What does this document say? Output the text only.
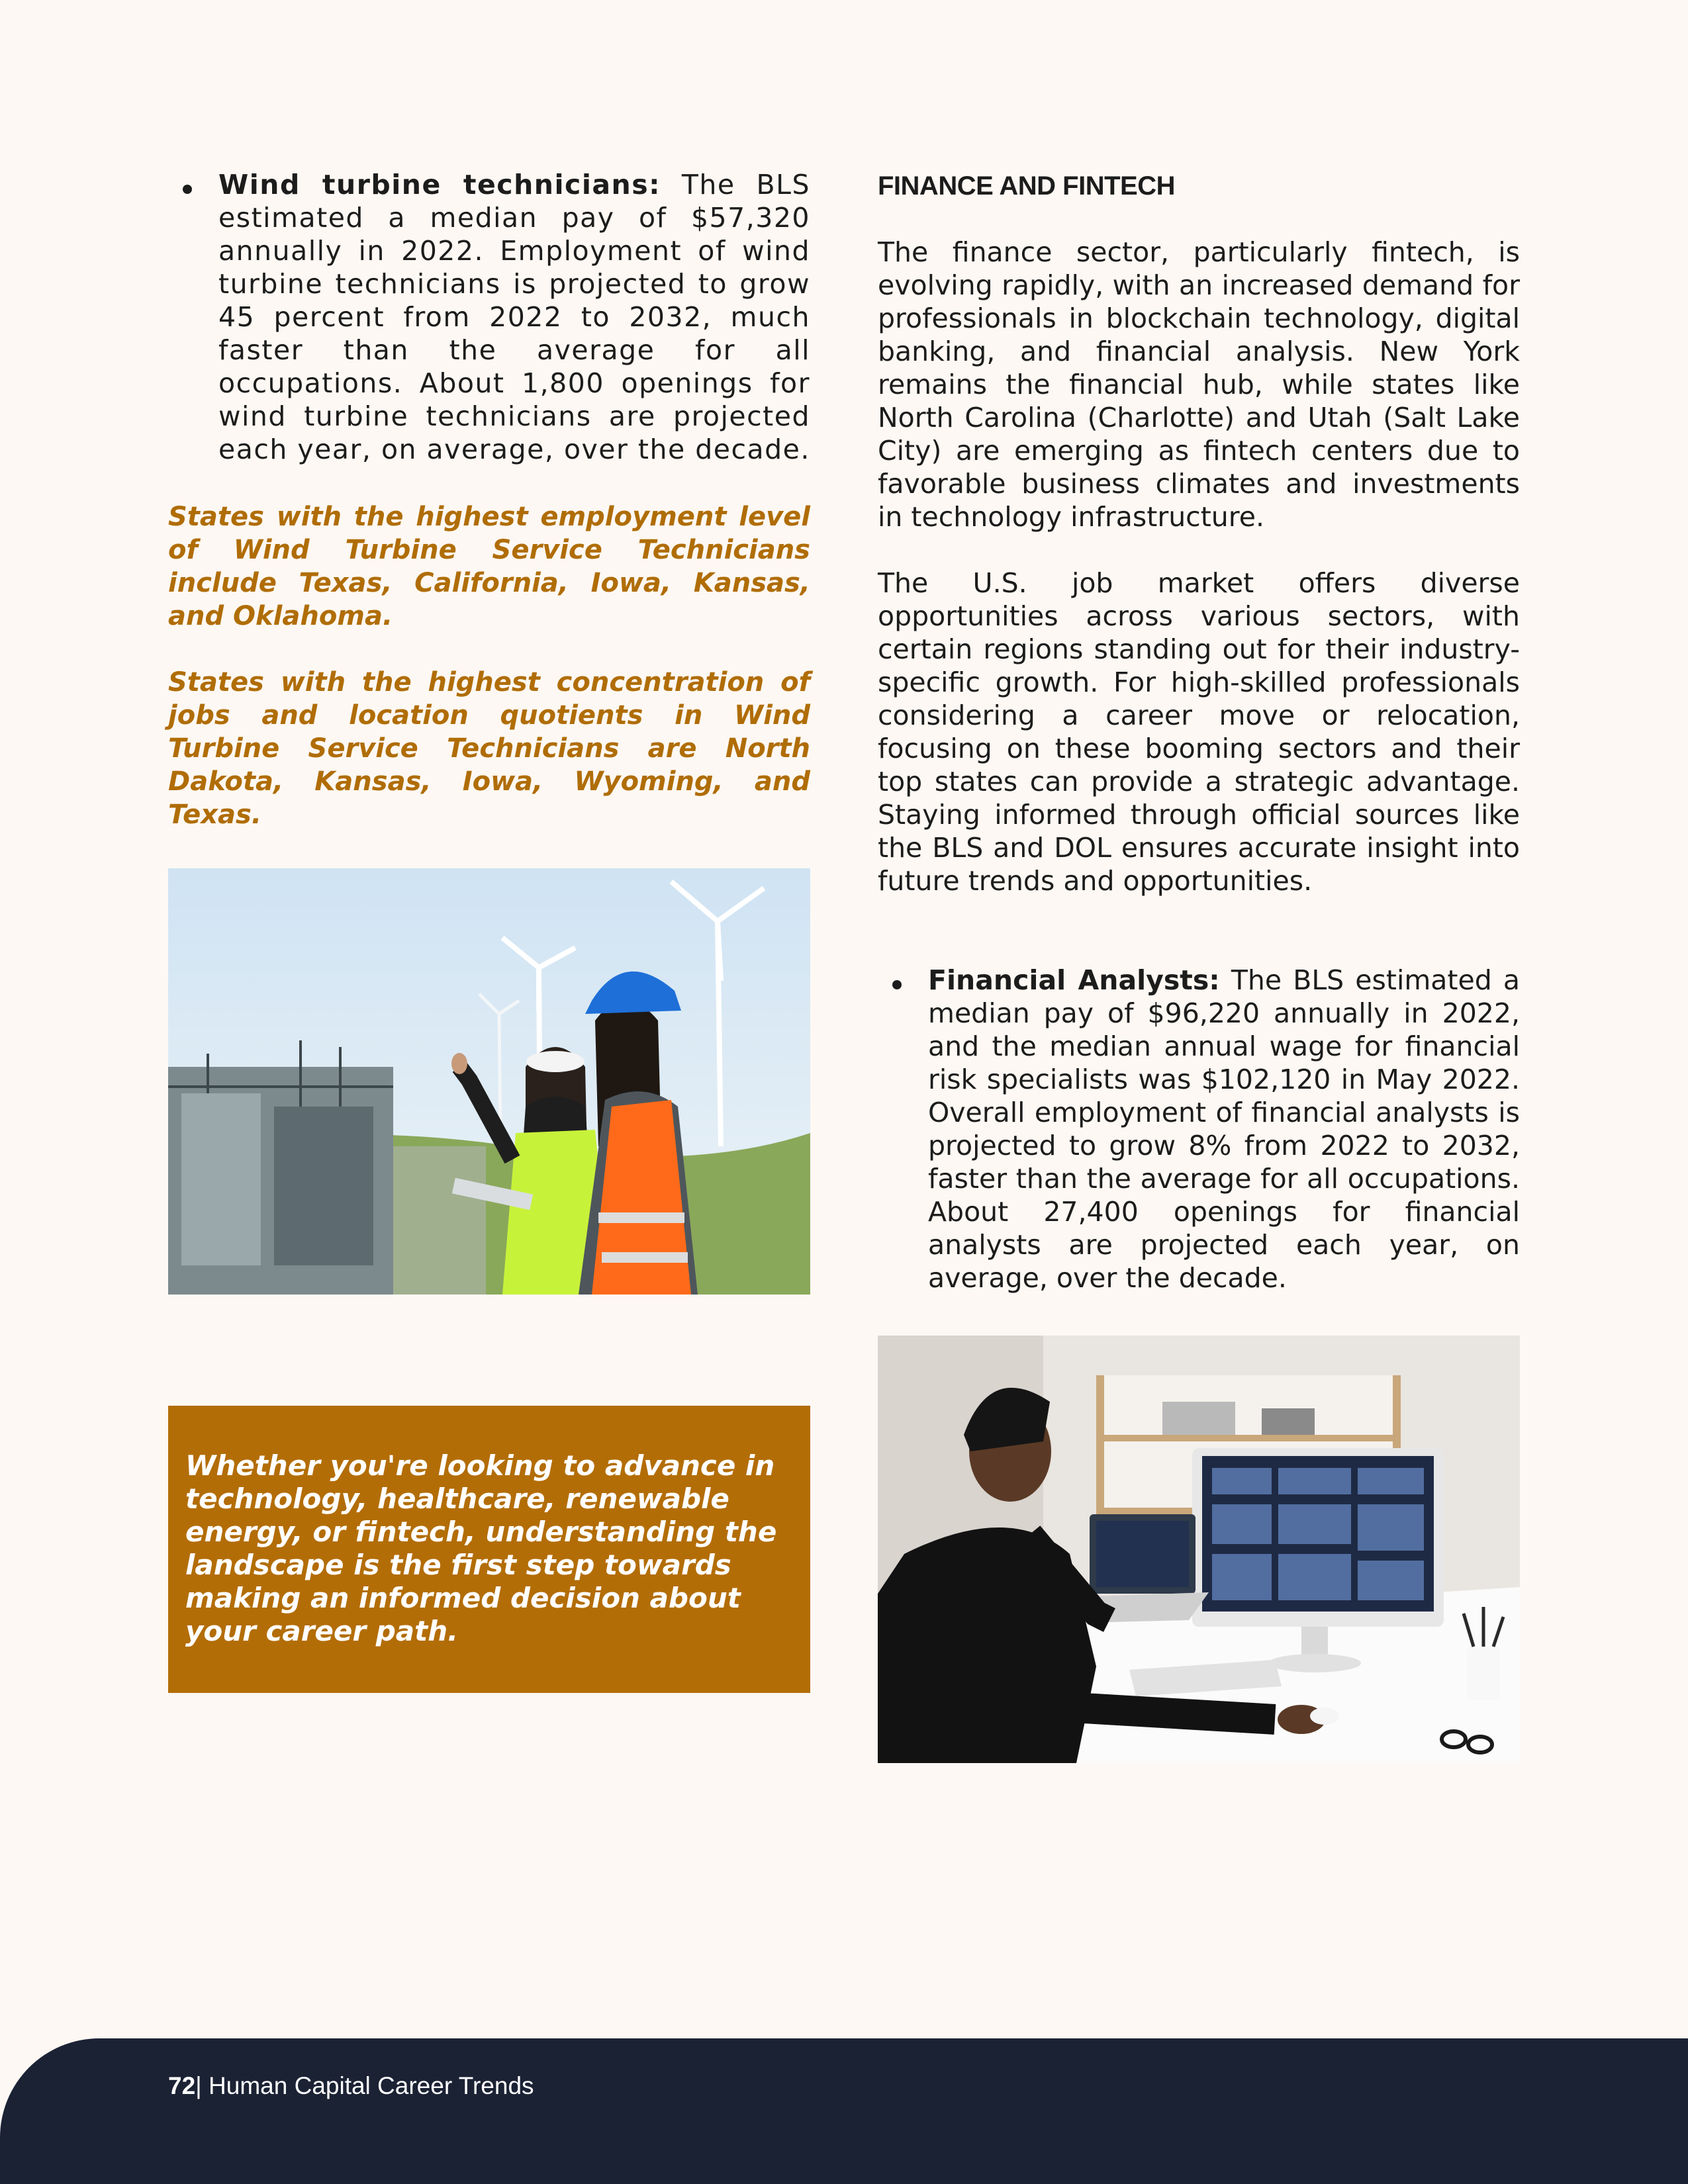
Wind turbine technicians: The BLS estimated a median pay of $57,320 annually in 2022. Employment of wind turbine technicians is projected to grow 45 percent from 2022 to 2032, much faster than the average for all occupations. About 1,800 openings for wind turbine technicians are projected each year, on average, over the decade.

States with the highest employment level of Wind Turbine Service Technicians include Texas, California, Iowa, Kansas, and Oklahoma.

States with the highest concentration of jobs and location quotients in Wind Turbine Service Technicians are North Dakota, Kansas, Iowa, Wyoming, and Texas.

Whether you're looking to advance in technology, healthcare, renewable energy, or fintech, understanding the landscape is the first step towards making an informed decision about your career path.

FINANCE AND FINTECH

The finance sector, particularly fintech, is evolving rapidly, with an increased demand for professionals in blockchain technology, digital banking, and financial analysis. New York remains the financial hub, while states like North Carolina (Charlotte) and Utah (Salt Lake City) are emerging as fintech centers due to favorable business climates and investments in technology infrastructure.

The U.S. job market offers diverse opportunities across various sectors, with certain regions standing out for their industry-specific growth. For high-skilled professionals considering a career move or relocation, focusing on these booming sectors and their top states can provide a strategic advantage. Staying informed through official sources like the BLS and DOL ensures accurate insight into future trends and opportunities.

Financial Analysts: The BLS estimated a median pay of $96,220 annually in 2022, and the median annual wage for financial risk specialists was $102,120 in May 2022. Overall employment of financial analysts is projected to grow 8% from 2022 to 2032, faster than the average for all occupations. About 27,400 openings for financial analysts are projected each year, on average, over the decade.

72| Human Capital Career Trends
